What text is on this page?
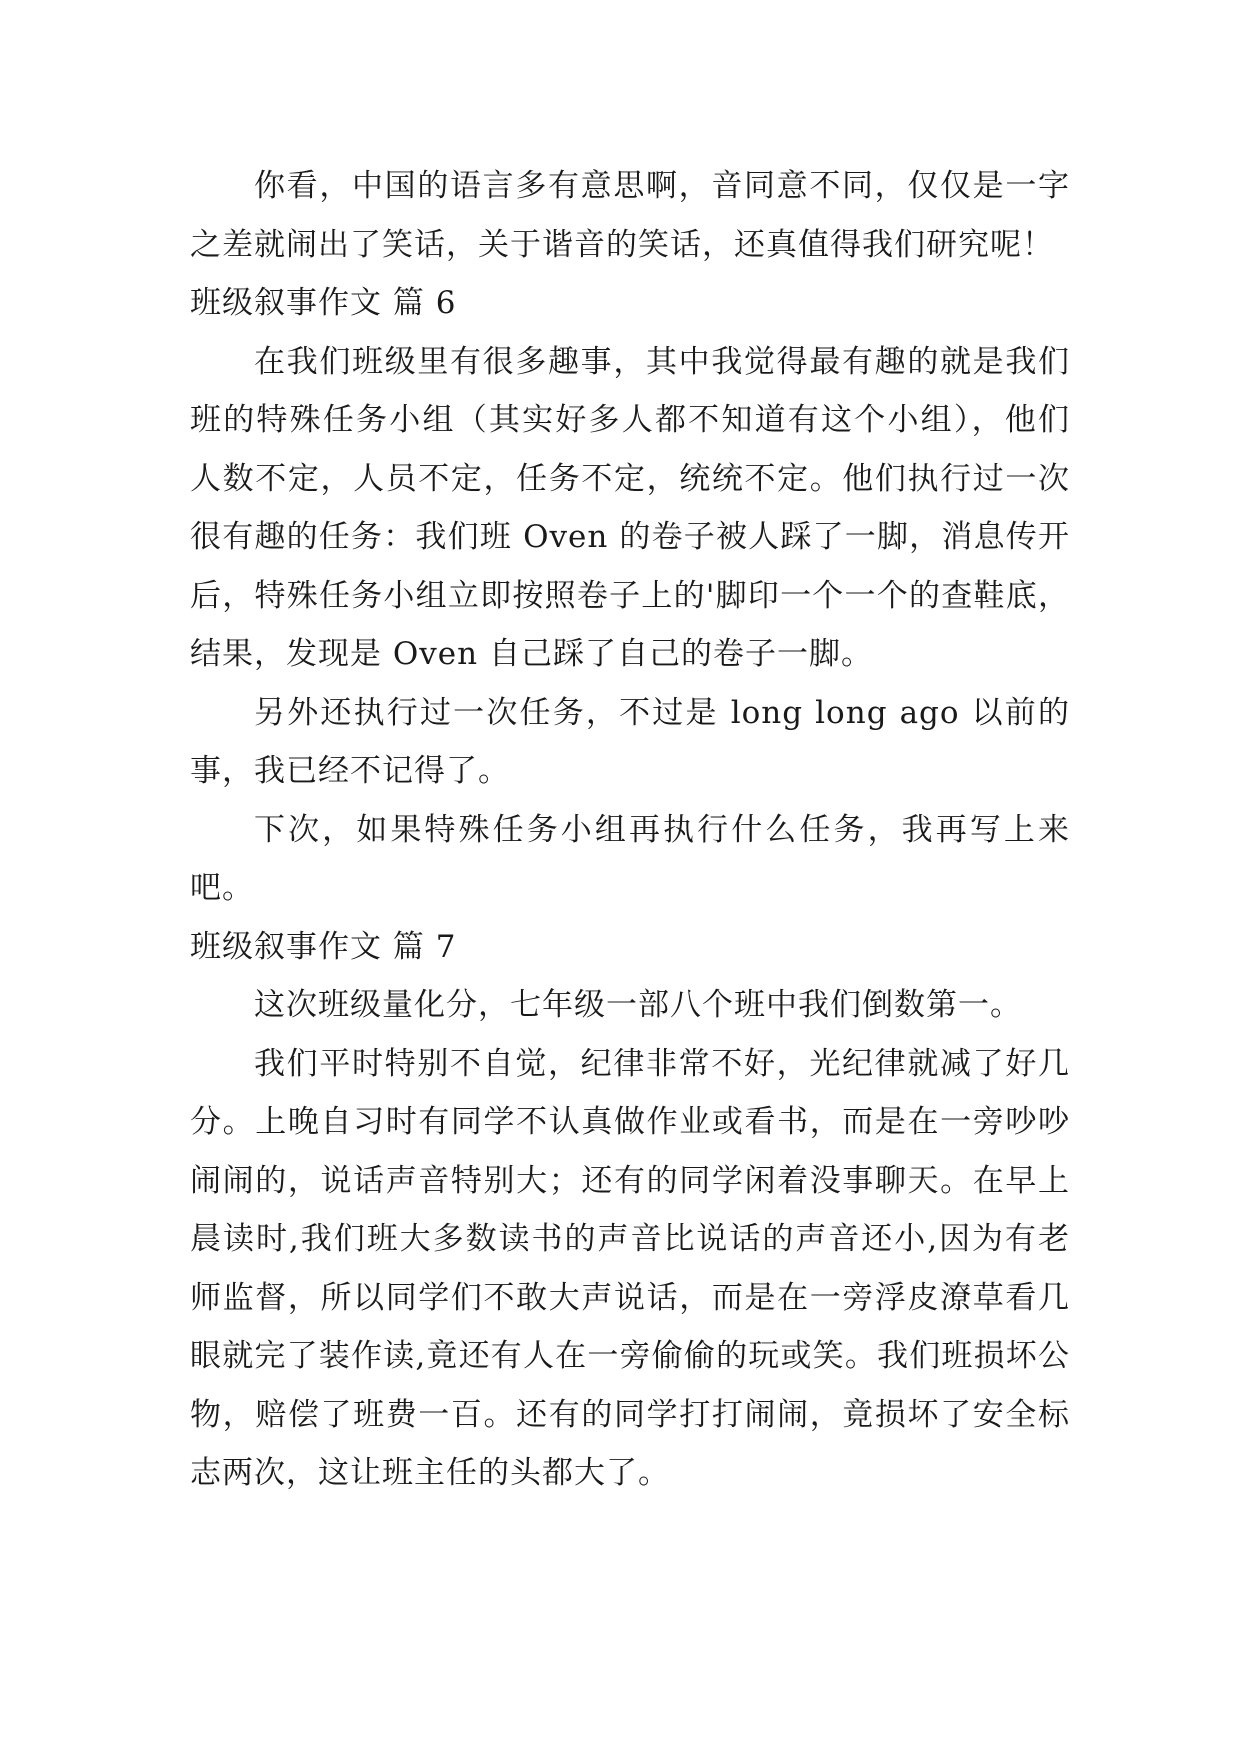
你看，中国的语言多有意思啊，音同意不同，仅仅是一字之差就闹出了笑话，关于谐音的笑话，还真值得我们研究呢！

班级叙事作文 篇 6

在我们班级里有很多趣事，其中我觉得最有趣的就是我们班的特殊任务小组（其实好多人都不知道有这个小组），他们人数不定，人员不定，任务不定，统统不定。他们执行过一次很有趣的任务：我们班 Oven 的卷子被人踩了一脚，消息传开后，特殊任务小组立即按照卷子上的'脚印一个一个的查鞋底，结果，发现是 Oven 自己踩了自己的卷子一脚。

另外还执行过一次任务，不过是 long long ago 以前的事，我已经不记得了。

下次，如果特殊任务小组再执行什么任务，我再写上来吧。

班级叙事作文 篇 7

这次班级量化分，七年级一部八个班中我们倒数第一。

我们平时特别不自觉，纪律非常不好，光纪律就减了好几分。上晚自习时有同学不认真做作业或看书，而是在一旁吵吵闹闹的，说话声音特别大；还有的同学闲着没事聊天。在早上晨读时,我们班大多数读书的声音比说话的声音还小,因为有老师监督，所以同学们不敢大声说话，而是在一旁浮皮潦草看几眼就完了装作读,竟还有人在一旁偷偷的玩或笑。我们班损坏公物，赔偿了班费一百。还有的同学打打闹闹，竟损坏了安全标志两次，这让班主任的头都大了。
